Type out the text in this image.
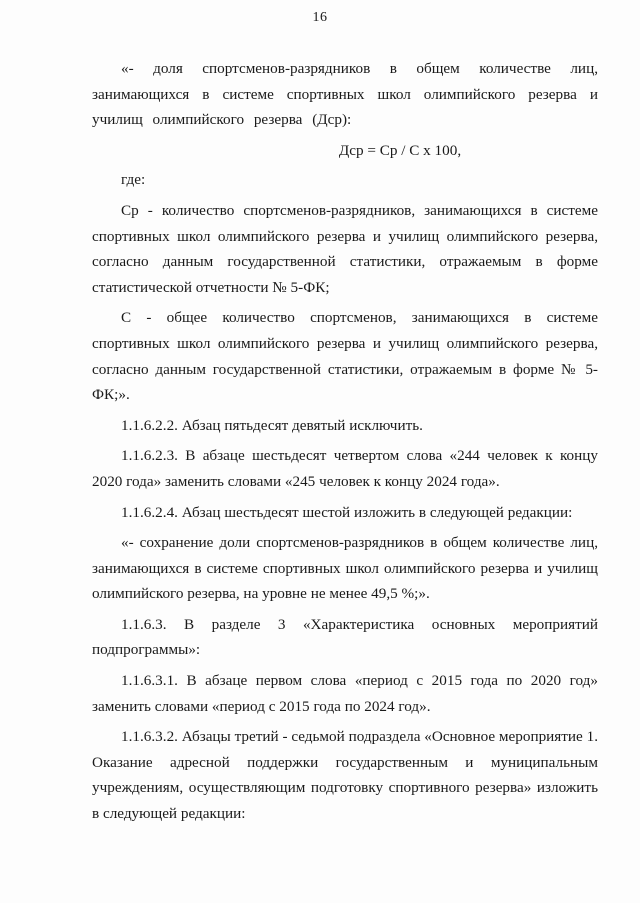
16

«- доля спортсменов-разрядников в общем количестве лиц, занимающихся в системе спортивных школ олимпийского резерва и училищ олимпийского резерва (Дср):

Дср = Ср / С х 100,

где:

Ср - количество спортсменов-разрядников, занимающихся в системе спортивных школ олимпийского резерва и училищ олимпийского резерва, согласно данным государственной статистики, отражаемым в форме статистической отчетности № 5-ФК;

С - общее количество спортсменов, занимающихся в системе спортивных школ олимпийского резерва и училищ олимпийского резерва, согласно данным государственной статистики, отражаемым в форме № 5-ФК;».

1.1.6.2.2. Абзац пятьдесят девятый исключить.

1.1.6.2.3. В абзаце шестьдесят четвертом слова «244 человек к концу 2020 года» заменить словами «245 человек к концу 2024 года».

1.1.6.2.4. Абзац шестьдесят шестой изложить в следующей редакции:

«- сохранение доли спортсменов-разрядников в общем количестве лиц, занимающихся в системе спортивных школ олимпийского резерва и училищ олимпийского резерва, на уровне не менее 49,5 %;».

1.1.6.3. В разделе 3 «Характеристика основных мероприятий подпрограммы»:

1.1.6.3.1. В абзаце первом слова «период с 2015 года по 2020 год» заменить словами «период с 2015 года по 2024 год».

1.1.6.3.2. Абзацы третий - седьмой подраздела «Основное мероприятие 1. Оказание адресной поддержки государственным и муниципальным учреждениям, осуществляющим подготовку спортивного резерва» изложить в следующей редакции:
